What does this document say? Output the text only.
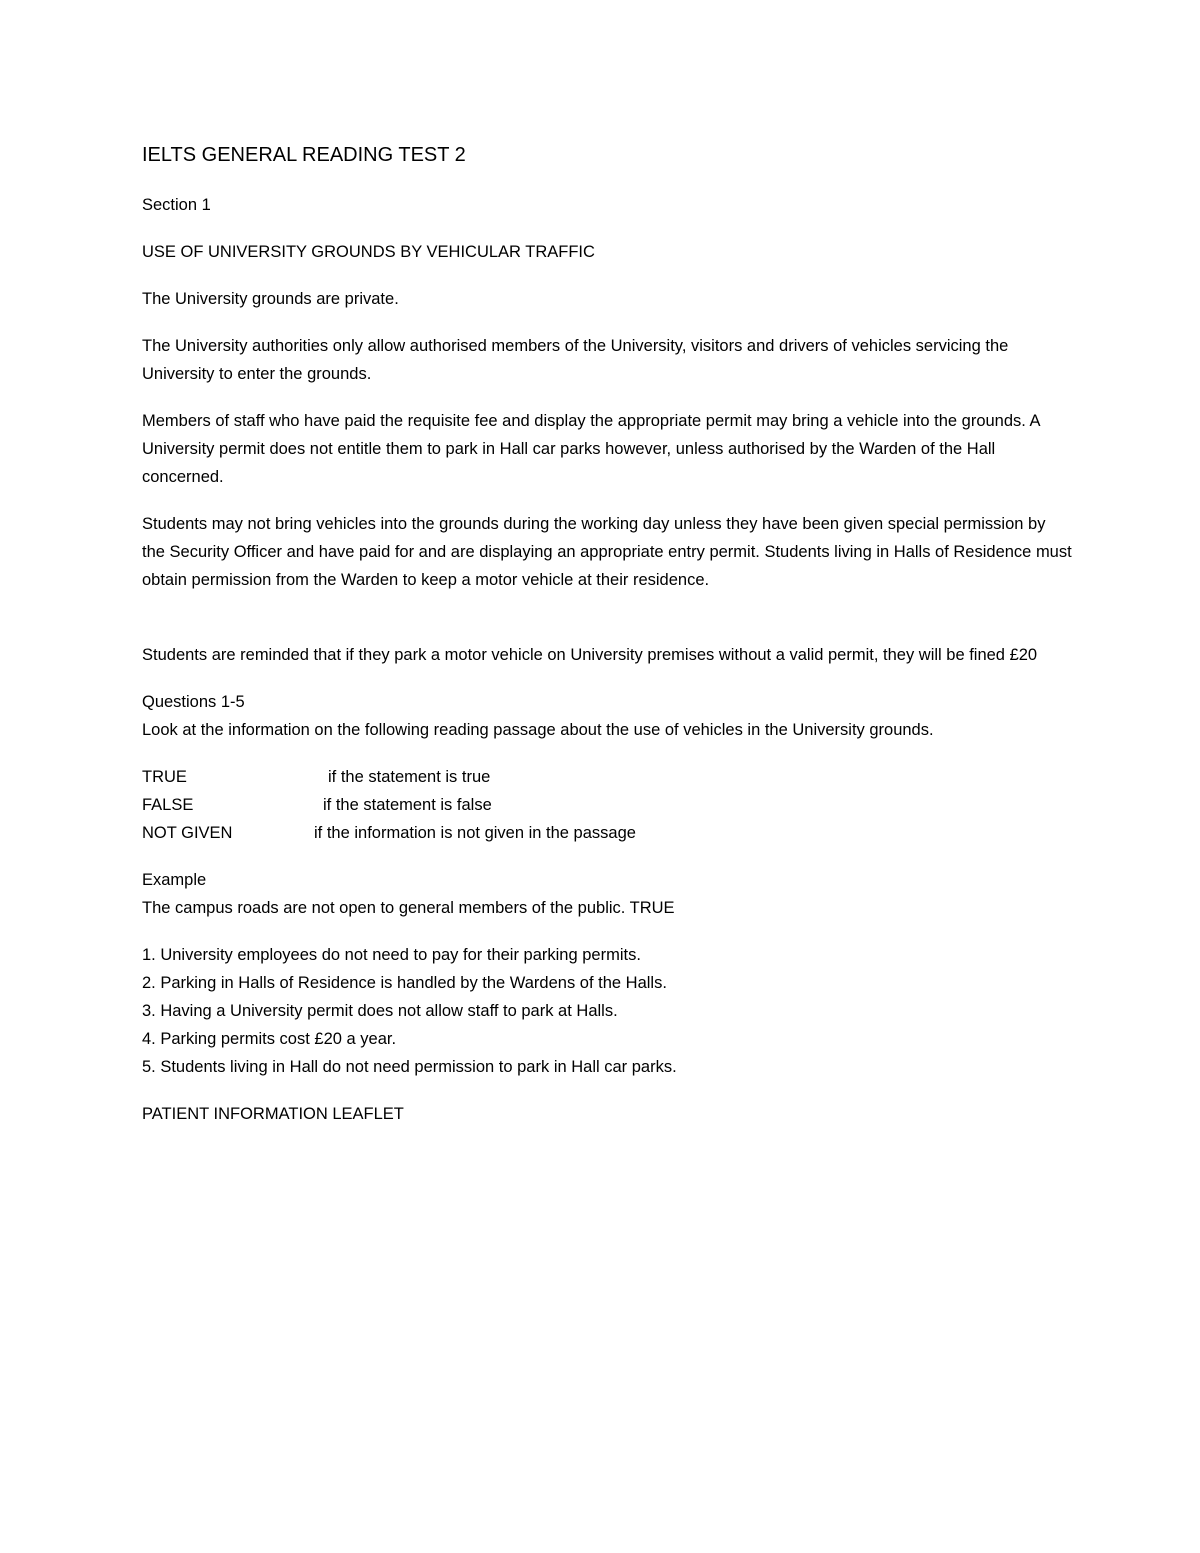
IELTS GENERAL READING TEST 2

Section 1

USE OF UNIVERSITY GROUNDS BY VEHICULAR TRAFFIC

The University grounds are private.

The University authorities only allow authorised members of the University, visitors and drivers of vehicles servicing the University to enter the grounds.

Members of staff who have paid the requisite fee and display the appropriate permit may bring a vehicle into the grounds. A University permit does not entitle them to park in Hall car parks however, unless authorised by the Warden of the Hall concerned.

Students may not bring vehicles into the grounds during the working day unless they have been given special permission by the Security Officer and have paid for and are displaying an appropriate entry permit. Students living in Halls of Residence must obtain permission from the Warden to keep a motor vehicle at their residence.

Students are reminded that if they park a motor vehicle on University premises without a valid permit, they will be fined £20

Questions 1-5
Look at the information on the following reading passage about the use of vehicles in the University grounds.
TRUE	if the statement is true
FALSE	if the statement is false
NOT GIVEN	if the information is not given in the passage
Example
The campus roads are not open to general members of the public. TRUE
1. University employees do not need to pay for their parking permits.
2. Parking in Halls of Residence is handled by the Wardens of the Halls.
3. Having a University permit does not allow staff to park at Halls.
4. Parking permits cost £20 a year.
5. Students living in Hall do not need permission to park in Hall car parks.

PATIENT INFORMATION LEAFLET
